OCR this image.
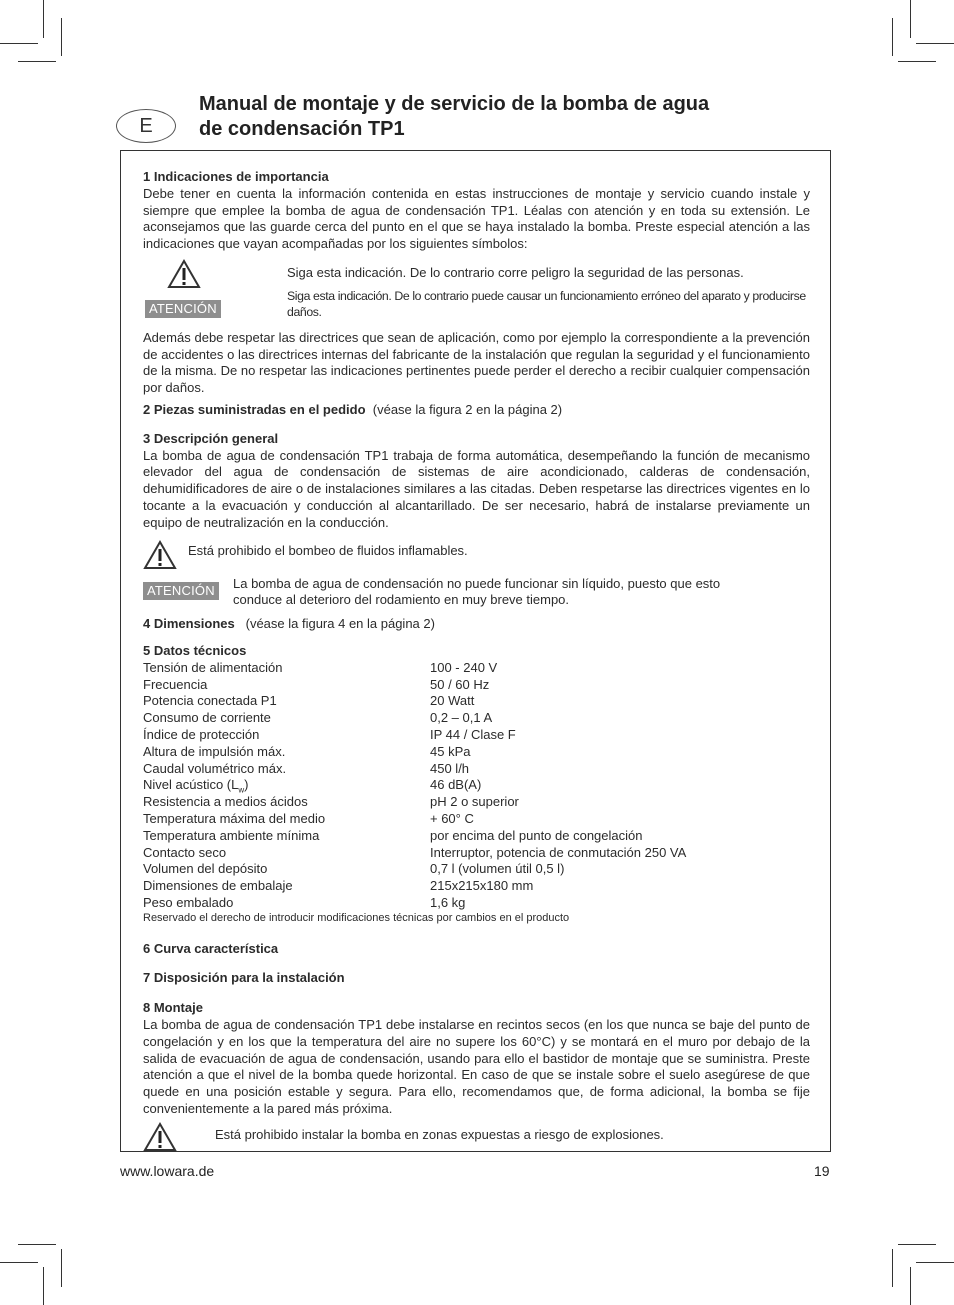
E
Manual de montaje y de servicio de la bomba de agua
de condensación TP1

1 Indicaciones de importancia

Debe tener en cuenta la información contenida en estas instrucciones de montaje y servicio cuando instale y siempre que emplee la bomba de agua de condensación TP1. Léalas con atención y en toda su extensión. Le aconsejamos que las guarde cerca del punto en el que se haya instalado la bomba. Preste especial atención a las indicaciones que vayan acompañadas por los siguientes símbolos:

ATENCIÓN

Siga esta indicación. De lo contrario corre peligro la seguridad de las personas.

Siga esta indicación. De lo contrario puede causar un funcionamiento erróneo del aparato y producirse daños.

Además debe respetar las directrices que sean de aplicación, como por ejemplo la correspondiente a la prevención de accidentes o las directrices internas del fabricante de la instalación que regulan la seguridad y el funcionamiento de la misma. De no respetar las indicaciones pertinentes puede perder el derecho a recibir cualquier compensación por daños.

2 Piezas suministradas en el pedido (véase la figura 2 en la página 2)

3 Descripción general

La bomba de agua de condensación TP1 trabaja de forma automática, desempeñando la función de mecanismo elevador del agua de condensación de sistemas de aire acondicionado, calderas de condensación, dehumidificadores de aire o de instalaciones similares a las citadas. Deben respetarse las directrices vigentes en lo tocante a la evacuación y conducción al alcantarillado. De ser necesario, habrá de instalarse previamente un equipo de neutralización en la conducción.

Está prohibido el bombeo de fluidos inflamables.

ATENCIÓN	La bomba de agua de condensación no puede funcionar sin líquido, puesto que esto conduce al deterioro del rodamiento en muy breve tiempo.

4 Dimensiones (véase la figura 4 en la página 2)

5 Datos técnicos

Tensión de alimentación	100 - 240 V
Frecuencia	50 / 60 Hz
Potencia conectada P1	20 Watt
Consumo de corriente	0,2 – 0,1 A
Índice de protección	IP 44 / Clase F
Altura de impulsión máx.	45 kPa
Caudal volumétrico máx.	450 l/h
Nivel acústico $(L_w)$	46 dB(A)
Resistencia a medios ácidos	pH 2 o superior
Temperatura máxima del medio	+ 60° C
Temperatura ambiente mínima	por encima del punto de congelación
Contacto seco	Interruptor, potencia de conmutación 250 VA
Volumen del depósito	0,7 l (volumen útil 0,5 l)
Dimensiones de embalaje	215x215x180 mm
Peso embalado	1,6 kg

Reservado el derecho de introducir modificaciones técnicas por cambios en el producto

6 Curva característica

7 Disposición para la instalación

8 Montaje

La bomba de agua de condensación TP1 debe instalarse en recintos secos (en los que nunca se baje del punto de congelación y en los que la temperatura del aire no supere los 60°C) y se montará en el muro por debajo de la salida de evacuación de agua de condensación, usando para ello el bastidor de montaje que se suministra. Preste atención a que el nivel de la bomba quede horizontal. En caso de que se instale sobre el suelo asegúrese de que quede en una posición estable y segura. Para ello, recomendamos que, de forma adicional, la bomba se fije convenientemente a la pared más próxima.

Está prohibido instalar la bomba en zonas expuestas a riesgo de explosiones.

www.lowara.de	19
